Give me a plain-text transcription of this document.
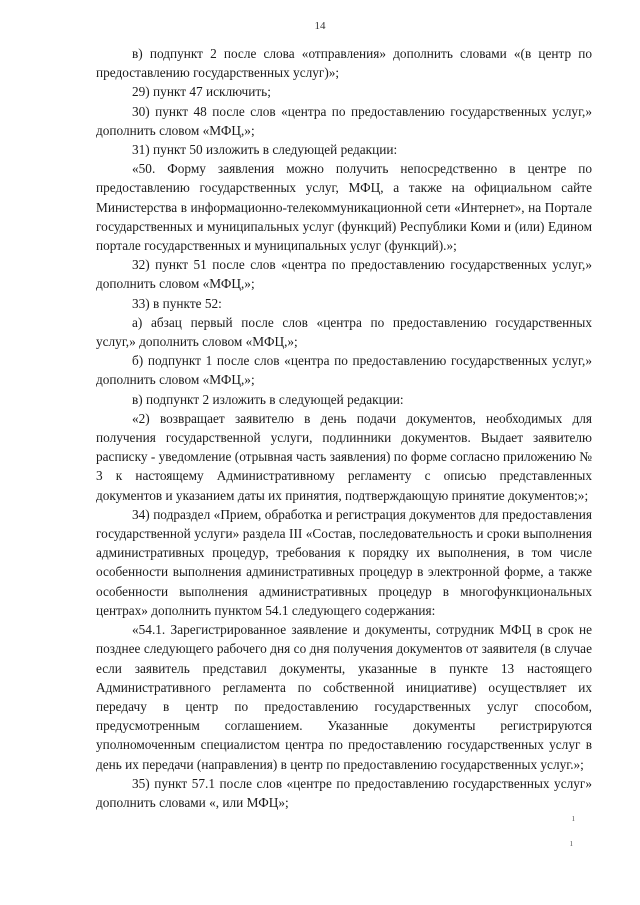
14

в) подпункт 2 после слова «отправления» дополнить словами «(в центр по предоставлению государственных услуг)»;

29) пункт 47 исключить;

30) пункт 48 после слов «центра по предоставлению государственных услуг,» дополнить словом «МФЦ,»;

31) пункт 50 изложить в следующей редакции:

«50. Форму заявления можно получить непосредственно в центре по предоставлению государственных услуг, МФЦ, а также на официальном сайте Министерства в информационно-телекоммуникационной сети «Интернет», на Портале государственных и муниципальных услуг (функций) Республики Коми и (или) Едином портале государственных и муниципальных услуг (функций).»;

32) пункт 51 после слов «центра по предоставлению государственных услуг,» дополнить словом «МФЦ,»;

33) в пункте 52:

а) абзац первый после слов «центра по предоставлению государственных услуг,» дополнить словом «МФЦ,»;

б) подпункт 1 после слов «центра по предоставлению государственных услуг,» дополнить словом «МФЦ,»;

в) подпункт 2 изложить в следующей редакции:

«2) возвращает заявителю в день подачи документов, необходимых для получения государственной услуги, подлинники документов. Выдает заявителю расписку - уведомление (отрывная часть заявления) по форме согласно приложению № 3 к настоящему Административному регламенту с описью представленных документов и указанием даты их принятия, подтверждающую принятие документов;»;

34) подраздел «Прием, обработка и регистрация документов для предоставления государственной услуги» раздела III «Состав, последовательность и сроки выполнения административных процедур, требования к порядку их выполнения, в том числе особенности выполнения административных процедур в электронной форме, а также особенности выполнения административных процедур в многофункциональных центрах» дополнить пунктом 54.1 следующего содержания:

«54.1. Зарегистрированное заявление и документы, сотрудник МФЦ в срок не позднее следующего рабочего дня со дня получения документов от заявителя (в случае если заявитель представил документы, указанные в пункте 13 настоящего Административного регламента по собственной инициативе) осуществляет их передачу в центр по предоставлению государственных услуг способом, предусмотренным соглашением. Указанные документы регистрируются уполномоченным специалистом центра по предоставлению государственных услуг в день их передачи (направления) в центр по предоставлению государственных услуг.»;

35) пункт 57.1 после слов «центре по предоставлению государственных услуг» дополнить словами «, или МФЦ»;

ı
ı
